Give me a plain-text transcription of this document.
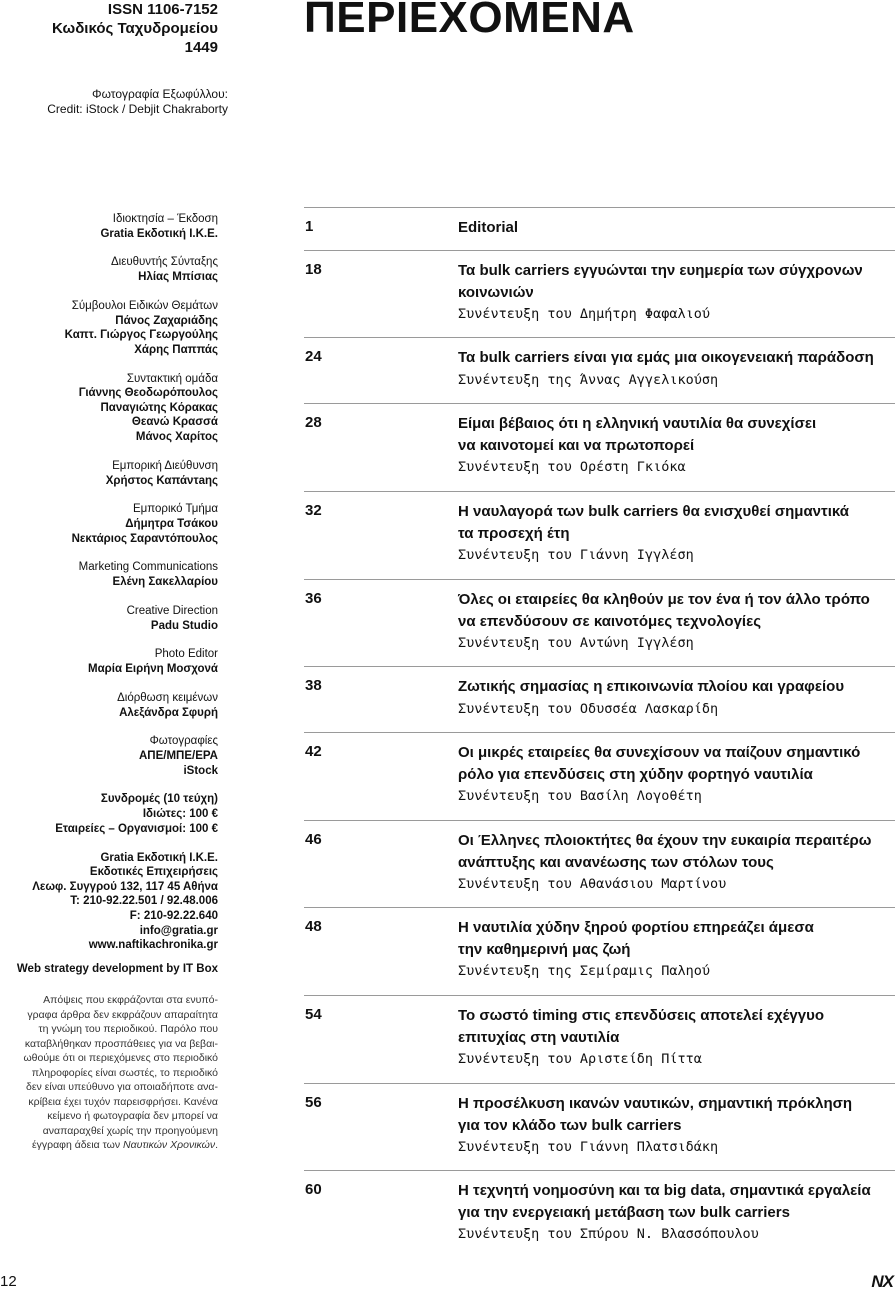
ISSN 1106-7152
Κωδικός Ταχυδρομείου
1449
Φωτογραφία Εξωφύλλου:
Credit: iStock / Debjit Chakraborty
Ιδιοκτησία – Έκδοση
Gratia Εκδοτική Ι.Κ.Ε.
Διευθυντής Σύνταξης
Ηλίας Μπίσιας
Σύμβουλοι Ειδικών Θεμάτων
Πάνος Ζαχαριάδης
Καπτ. Γιώργος Γεωργούλης
Χάρης Παππάς
Συντακτική ομάδα
Γιάννης Θεοδωρόπουλος
Παναγιώτης Κόρακας
Θεανώ Κρασσά
Μάνος Χαρίτος
Εμπορική Διεύθυνση
Χρήστος Καπάντaης
Εμπορικό Τμήμα
Δήμητρα Τσάκου
Νεκτάριος Σαραντόπουλος
Marketing Communications
Ελένη Σακελλαρίου
Creative Direction
Padu Studio
Photo Editor
Μαρία Ειρήνη Μοσχονά
Διόρθωση κειμένων
Αλεξάνδρα Σφυρή
Φωτογραφίες
ΑΠΕ/ΜΠΕ/EPA
iStock
Συνδρομές (10 τεύχη)
Ιδιώτες: 100 €
Εταιρείες – Οργανισμοί: 100 €
Gratia Εκδοτική Ι.Κ.Ε.
Εκδοτικές Επιχειρήσεις
Λεωφ. Συγγρού 132, 117 45 Αθήνα
Τ: 210-92.22.501 / 92.48.006
F: 210-92.22.640
info@gratia.gr
www.naftikachronika.gr
Web strategy development by IT Box
Απόψεις που εκφράζονται στα ενυπό-
γραφα άρθρα δεν εκφράζουν απαραίτητα
τη γνώμη του περιοδικού. Παρόλο που
καταβλήθηκαν προσπάθειες για να βεβαι-
ωθούμε ότι οι περιεχόμενες στο περιοδικό
πληροφορίες είναι σωστές, το περιοδικό
δεν είναι υπεύθυνο για οποιαδήποτε ανα-
κρίβεια έχει τυχόν παρεισφρήσει. Κανένα
κείμενο ή φωτογραφία δεν μπορεί να
αναπαραχθεί χωρίς την προηγούμενη
έγγραφη άδεια των Ναυτικών Χρονικών.
ΠΕΡΙΕΧΟΜΕΝΑ
1	Editorial
18	Τα bulk carriers εγγυώνται την ευημερία των σύγχρονων
κοινωνιών
Συνέντευξη του Δημήτρη Φαφαλιού
24	Τα bulk carriers είναι για εμάς μια οικογενειακή παράδοση
Συνέντευξη της Άννας Αγγελικούση
28	Είμαι βέβαιος ότι η ελληνική ναυτιλία θα συνεχίσει
να καινοτομεί και να πρωτοπορεί
Συνέντευξη του Ορέστη Γκιόκα
32	Η ναυλαγορά των bulk carriers θα ενισχυθεί σημαντικά
τα προσεχή έτη
Συνέντευξη του Γιάννη Ιγγλέση
36	Όλες οι εταιρείες θα κληθούν με τον ένα ή τον άλλο τρόπο
να επενδύσουν σε καινοτόμες τεχνολογίες
Συνέντευξη του Αντώνη Ιγγλέση
38	Ζωτικής σημασίας η επικοινωνία πλοίου και γραφείου
Συνέντευξη του Οδυσσέα Λασκαρίδη
42	Οι μικρές εταιρείες θα συνεχίσουν να παίζουν σημαντικό
ρόλο για επενδύσεις στη χύδην φορτηγό ναυτιλία
Συνέντευξη του Βασίλη Λογοθέτη
46	Οι Έλληνες πλοιοκτήτες θα έχουν την ευκαιρία περαιτέρω
ανάπτυξης και ανανέωσης των στόλων τους
Συνέντευξη του Αθανάσιου Μαρτίνου
48	Η ναυτιλία χύδην ξηρού φορτίου επηρεάζει άμεσα
την καθημερινή μας ζωή
Συνέντευξη της Σεμίραμις Παληού
54	Το σωστό timing στις επενδύσεις αποτελεί εχέγγυο
επιτυχίας στη ναυτιλία
Συνέντευξη του Αριστείδη Πίττα
56	Η προσέλκυση ικανών ναυτικών, σημαντική πρόκληση
για τον κλάδο των bulk carriers
Συνέντευξη του Γιάννη Πλατσιδάκη
60	Η τεχνητή νοημοσύνη και τα big data, σημαντικά εργαλεία
για την ενεργειακή μετάβαση των bulk carriers
Συνέντευξη του Σπύρου Ν. Βλασσόπουλου
12	NX
